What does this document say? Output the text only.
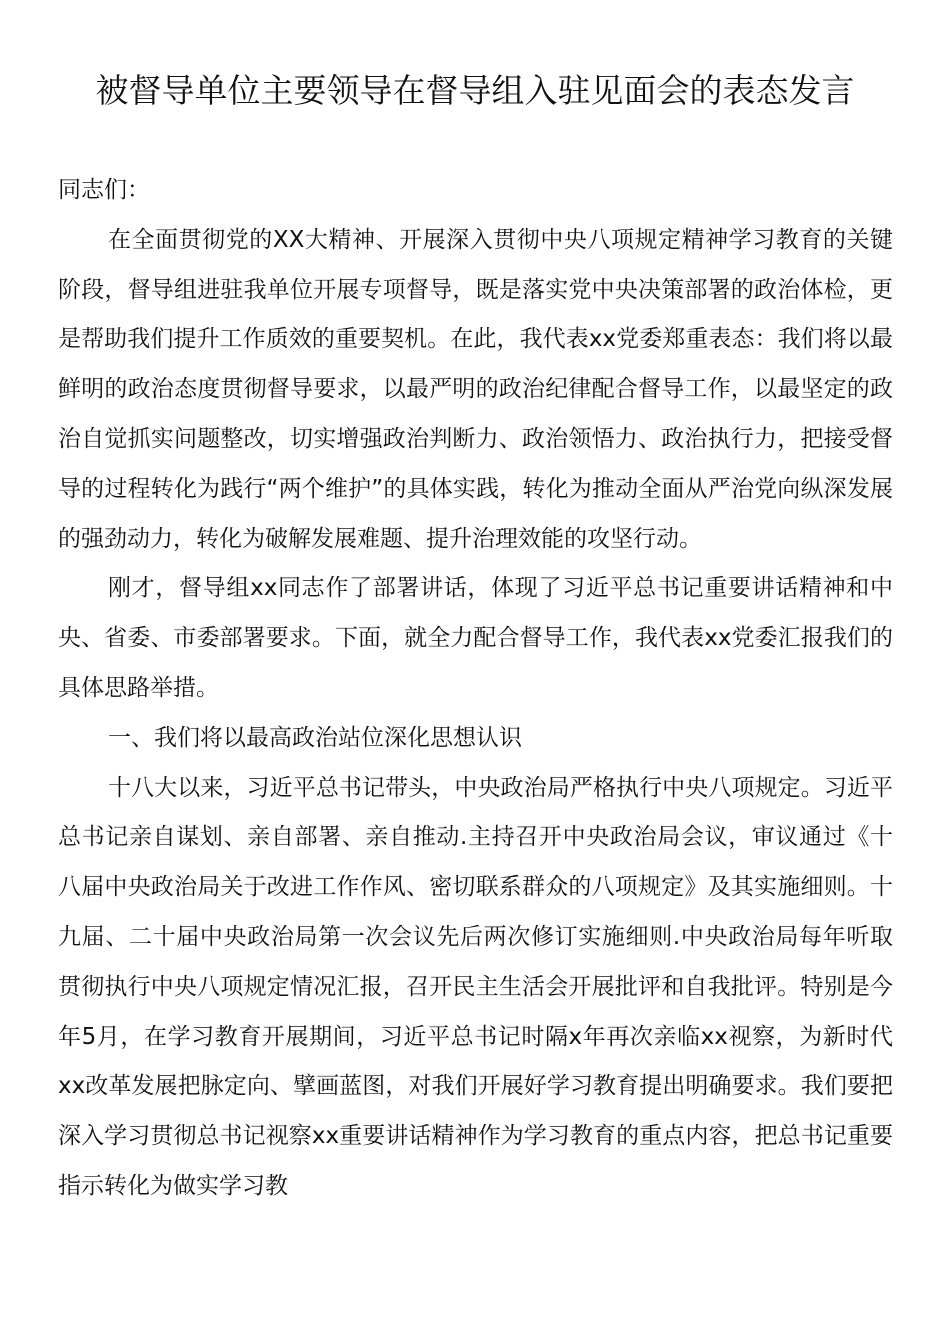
被督导单位主要领导在督导组入驻见面会的表态发言

同志们：

在全面贯彻党的XX大精神、开展深入贯彻中央八项规定精神学习教育的关键阶段，督导组进驻我单位开展专项督导，既是落实党中央决策部署的政治体检，更是帮助我们提升工作质效的重要契机。在此，我代表xx党委郑重表态：我们将以最鲜明的政治态度贯彻督导要求，以最严明的政治纪律配合督导工作，以最坚定的政治自觉抓实问题整改，切实增强政治判断力、政治领悟力、政治执行力，把接受督导的过程转化为践行“两个维护”的具体实践，转化为推动全面从严治党向纵深发展的强劲动力，转化为破解发展难题、提升治理效能的攻坚行动。

刚才，督导组xx同志作了部署讲话，体现了习近平总书记重要讲话精神和中央、省委、市委部署要求。下面，就全力配合督导工作，我代表xx党委汇报我们的具体思路举措。

一、我们将以最高政治站位深化思想认识

十八大以来，习近平总书记带头，中央政治局严格执行中央八项规定。习近平总书记亲自谋划、亲自部署、亲自推动.主持召开中央政治局会议，审议通过《十八届中央政治局关于改进工作作风、密切联系群众的八项规定》及其实施细则。十九届、二十届中央政治局第一次会议先后两次修订实施细则.中央政治局每年听取贯彻执行中央八项规定情况汇报，召开民主生活会开展批评和自我批评。特别是今年5月，在学习教育开展期间，习近平总书记时隔x年再次亲临xx视察，为新时代xx改革发展把脉定向、擘画蓝图，对我们开展好学习教育提出明确要求。我们要把深入学习贯彻总书记视察xx重要讲话精神作为学习教育的重点内容，把总书记重要指示转化为做实学习教
